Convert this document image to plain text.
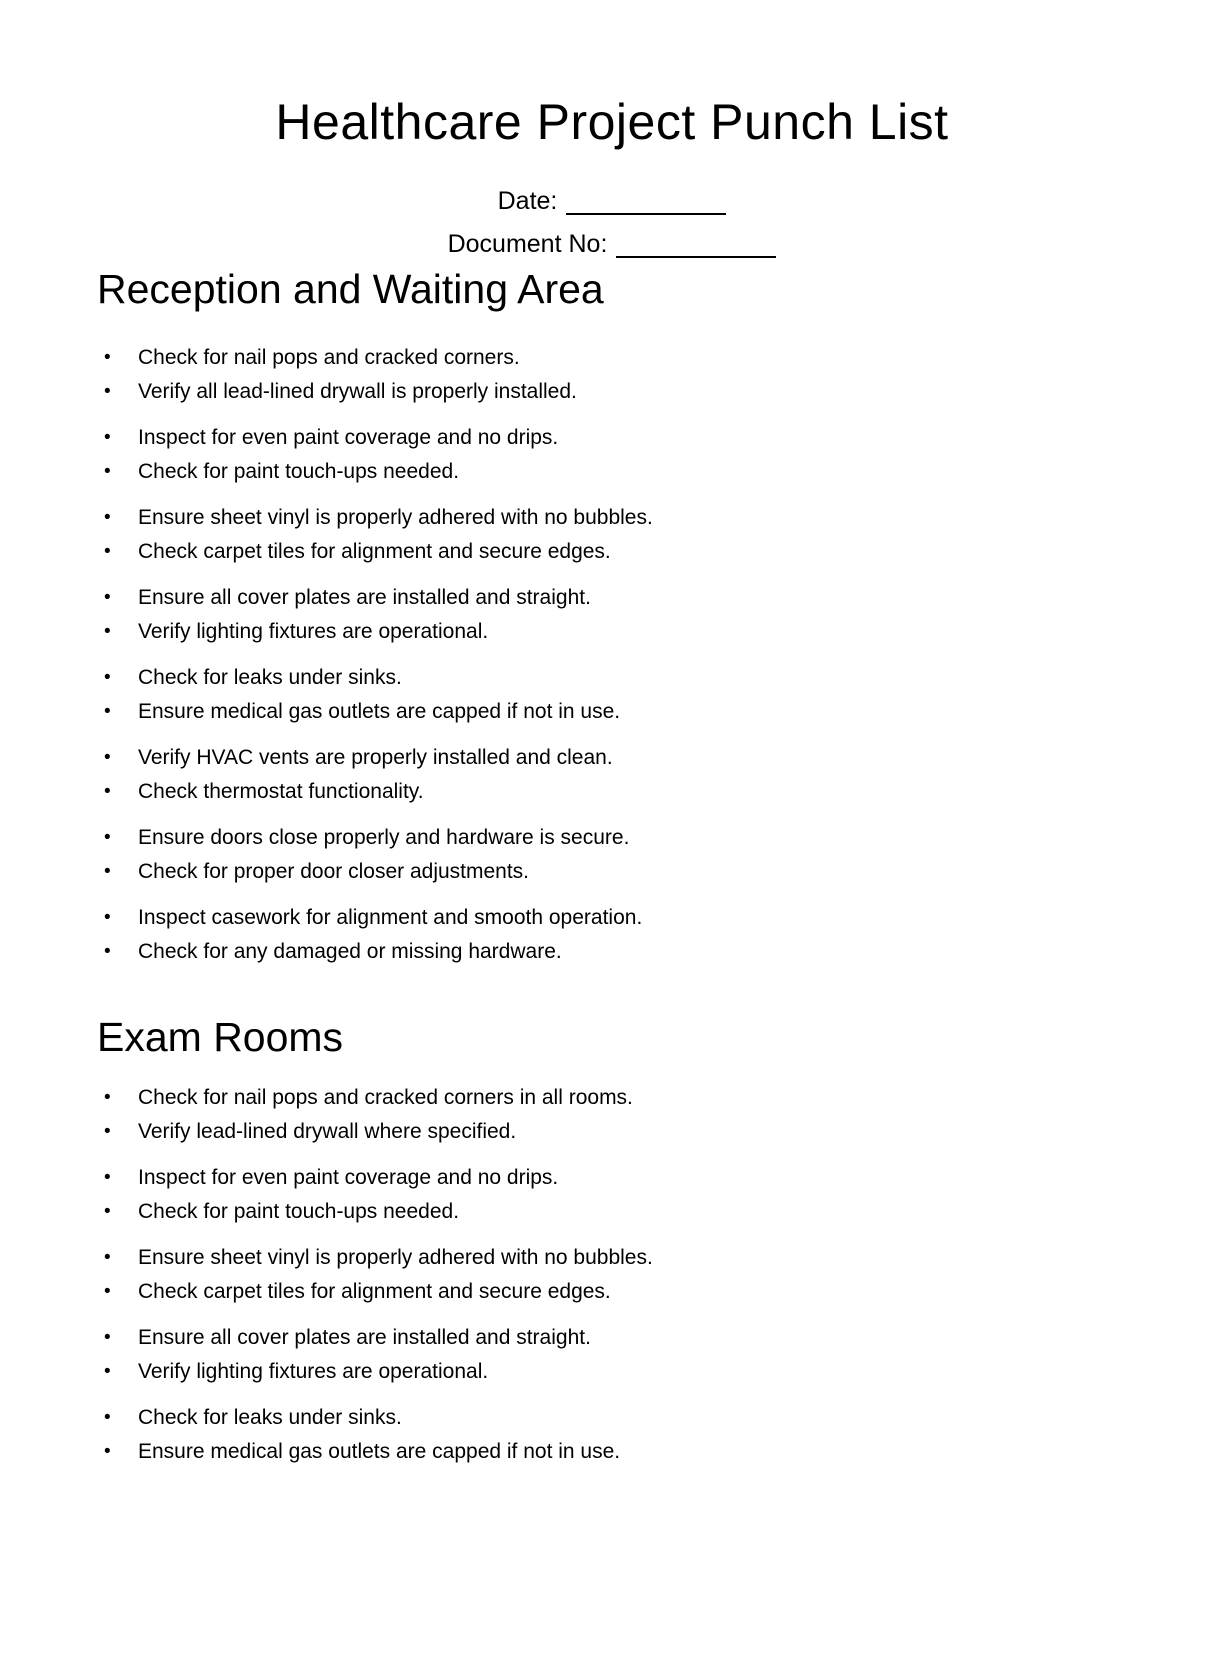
Healthcare Project Punch List
Date:
Document No:
Reception and Waiting Area
• Check for nail pops and cracked corners.
• Verify all lead-lined drywall is properly installed.
• Inspect for even paint coverage and no drips.
• Check for paint touch-ups needed.
• Ensure sheet vinyl is properly adhered with no bubbles.
• Check carpet tiles for alignment and secure edges.
• Ensure all cover plates are installed and straight.
• Verify lighting fixtures are operational.
• Check for leaks under sinks.
• Ensure medical gas outlets are capped if not in use.
• Verify HVAC vents are properly installed and clean.
• Check thermostat functionality.
• Ensure doors close properly and hardware is secure.
• Check for proper door closer adjustments.
• Inspect casework for alignment and smooth operation.
• Check for any damaged or missing hardware.
Exam Rooms
• Check for nail pops and cracked corners in all rooms.
• Verify lead-lined drywall where specified.
• Inspect for even paint coverage and no drips.
• Check for paint touch-ups needed.
• Ensure sheet vinyl is properly adhered with no bubbles.
• Check carpet tiles for alignment and secure edges.
• Ensure all cover plates are installed and straight.
• Verify lighting fixtures are operational.
• Check for leaks under sinks.
• Ensure medical gas outlets are capped if not in use.
